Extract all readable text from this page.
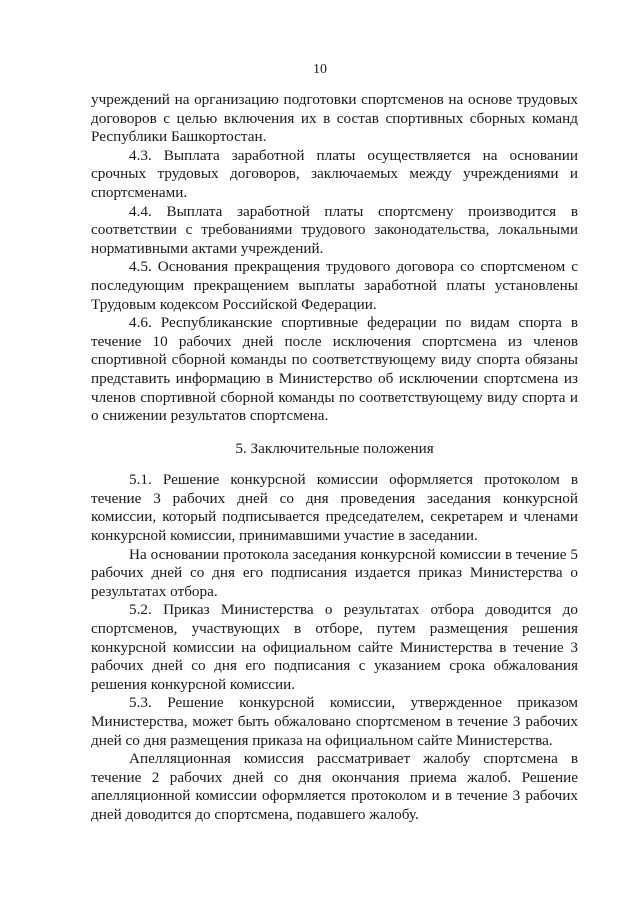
10

учреждений на организацию подготовки спортсменов на основе трудовых договоров с целью включения их в состав спортивных сборных команд Республики Башкортостан.

4.3. Выплата заработной платы осуществляется на основании срочных трудовых договоров, заключаемых между учреждениями и спортсменами.

4.4. Выплата заработной платы спортсмену производится в соответствии с требованиями трудового законодательства, локальными нормативными актами учреждений.

4.5. Основания прекращения трудового договора со спортсменом с последующим прекращением выплаты заработной платы установлены Трудовым кодексом Российской Федерации.

4.6. Республиканские спортивные федерации по видам спорта в течение 10 рабочих дней после исключения спортсмена из членов спортивной сборной команды по соответствующему виду спорта обязаны представить информацию в Министерство об исключении спортсмена из членов спортивной сборной команды по соответствующему виду спорта и о снижении результатов спортсмена.

5. Заключительные положения

5.1. Решение конкурсной комиссии оформляется протоколом в течение 3 рабочих дней со дня проведения заседания конкурсной комиссии, который подписывается председателем, секретарем и членами конкурсной комиссии, принимавшими участие в заседании.

На основании протокола заседания конкурсной комиссии в течение 5 рабочих дней со дня его подписания издается приказ Министерства о результатах отбора.

5.2. Приказ Министерства о результатах отбора доводится до спортсменов, участвующих в отборе, путем размещения решения конкурсной комиссии на официальном сайте Министерства в течение 3 рабочих дней со дня его подписания с указанием срока обжалования решения конкурсной комиссии.

5.3. Решение конкурсной комиссии, утвержденное приказом Министерства, может быть обжаловано спортсменом в течение 3 рабочих дней со дня размещения приказа на официальном сайте Министерства.

Апелляционная комиссия рассматривает жалобу спортсмена в течение 2 рабочих дней со дня окончания приема жалоб. Решение апелляционной комиссии оформляется протоколом и в течение 3 рабочих дней доводится до спортсмена, подавшего жалобу.
